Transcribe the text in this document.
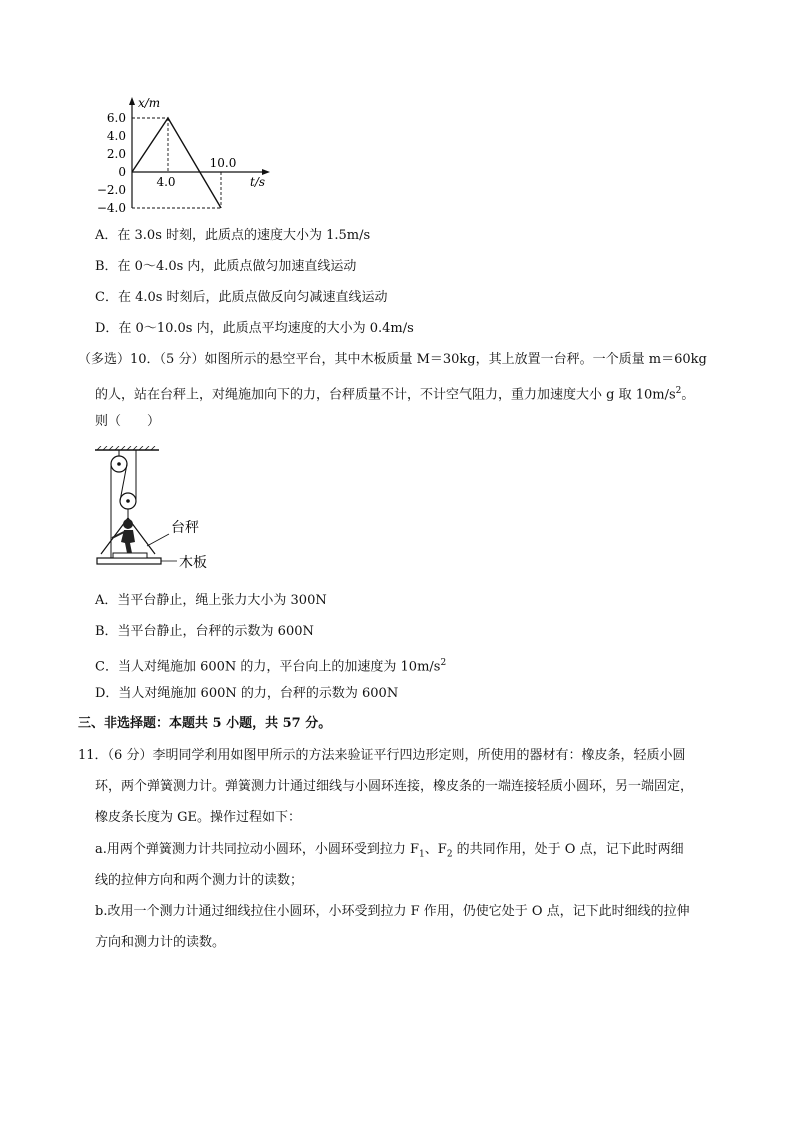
x/m
6.0
4.0
2.0
0
−2.0
−4.0
4.0
10.0
t/s
A．在 3.0s 时刻，此质点的速度大小为 1.5m/s
B．在 0～4.0s 内，此质点做匀加速直线运动
C．在 4.0s 时刻后，此质点做反向匀减速直线运动
D．在 0～10.0s 内，此质点平均速度的大小为 0.4m/s
（多选）10．（5 分）如图所示的悬空平台，其中木板质量 M＝30kg，其上放置一台秤。一个质量 m＝60kg
的人，站在台秤上，对绳施加向下的力，台秤质量不计，不计空气阻力，重力加速度大小 g 取 $10m/s^2$。
则（　　）
台秤
木板
A．当平台静止，绳上张力大小为 300N
B．当平台静止，台秤的示数为 600N
C．当人对绳施加 600N 的力，平台向上的加速度为 $10m/s^2$
D．当人对绳施加 600N 的力，台秤的示数为 600N
三、非选择题：本题共 5 小题，共 57 分。
11．（6 分）李明同学利用如图甲所示的方法来验证平行四边形定则，所使用的器材有：橡皮条，轻质小圆
环，两个弹簧测力计。弹簧测力计通过细线与小圆环连接，橡皮条的一端连接轻质小圆环，另一端固定，
橡皮条长度为 GE。操作过程如下：
a.用两个弹簧测力计共同拉动小圆环，小圆环受到拉力 $F_1$、$F_2$ 的共同作用，处于 O 点，记下此时两细
线的拉伸方向和两个测力计的读数；
b.改用一个测力计通过细线拉住小圆环，小环受到拉力 F 作用，仍使它处于 O 点，记下此时细线的拉伸
方向和测力计的读数。
